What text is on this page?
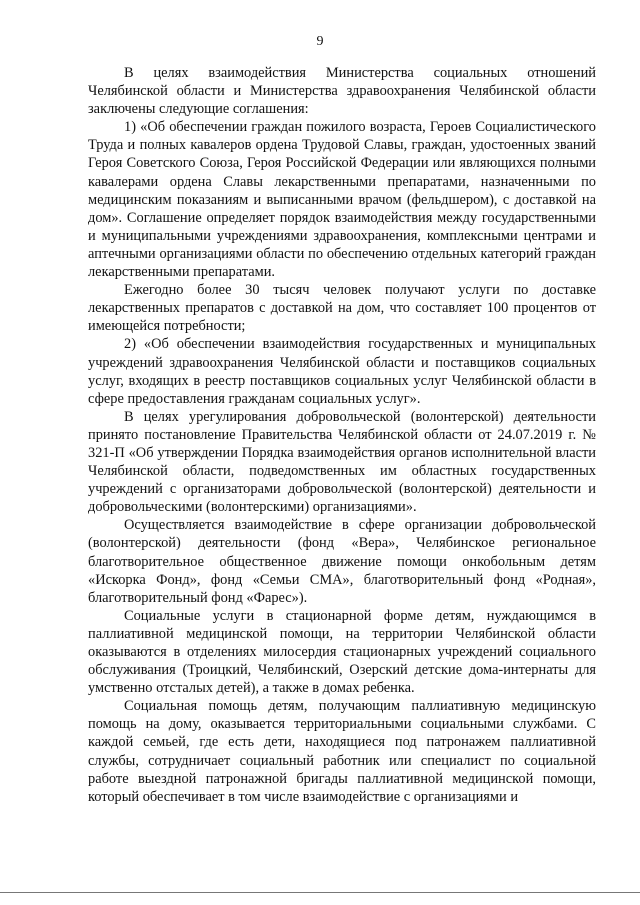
9

В целях взаимодействия Министерства социальных отношений Челябинской области и Министерства здравоохранения Челябинской области заключены следующие соглашения:

1) «Об обеспечении граждан пожилого возраста, Героев Социалистического Труда и полных кавалеров ордена Трудовой Славы, граждан, удостоенных званий Героя Советского Союза, Героя Российской Федерации или являющихся полными кавалерами ордена Славы лекарственными препаратами, назначенными по медицинским показаниям и выписанными врачом (фельдшером), с доставкой на дом». Соглашение определяет порядок взаимодействия между государственными и муниципальными учреждениями здравоохранения, комплексными центрами и аптечными организациями области по обеспечению отдельных категорий граждан лекарственными препаратами.

Ежегодно более 30 тысяч человек получают услуги по доставке лекарственных препаратов с доставкой на дом, что составляет 100 процентов от имеющейся потребности;

2) «Об обеспечении взаимодействия государственных и муниципальных учреждений здравоохранения Челябинской области и поставщиков социальных услуг, входящих в реестр поставщиков социальных услуг Челябинской области в сфере предоставления гражданам социальных услуг».

В целях урегулирования добровольческой (волонтерской) деятельности принято постановление Правительства Челябинской области от 24.07.2019 г. № 321-П «Об утверждении Порядка взаимодействия органов исполнительной власти Челябинской области, подведомственных им областных государственных учреждений с организаторами добровольческой (волонтерской) деятельности и добровольческими (волонтерскими) организациями».

Осуществляется взаимодействие в сфере организации добровольческой (волонтерской) деятельности (фонд «Вера», Челябинское региональное благотворительное общественное движение помощи онкобольным детям «Искорка Фонд», фонд «Семьи СМА», благотворительный фонд «Родная», благотворительный фонд «Фарес»).

Социальные услуги в стационарной форме детям, нуждающимся в паллиативной медицинской помощи, на территории Челябинской области оказываются в отделениях милосердия стационарных учреждений социального обслуживания (Троицкий, Челябинский, Озерский детские дома-интернаты для умственно отсталых детей), а также в домах ребенка.

Социальная помощь детям, получающим паллиативную медицинскую помощь на дому, оказывается территориальными социальными службами. С каждой семьей, где есть дети, находящиеся под патронажем паллиативной службы, сотрудничает социальный работник или специалист по социальной работе выездной патронажной бригады паллиативной медицинской помощи, который обеспечивает в том числе взаимодействие с организациями и
